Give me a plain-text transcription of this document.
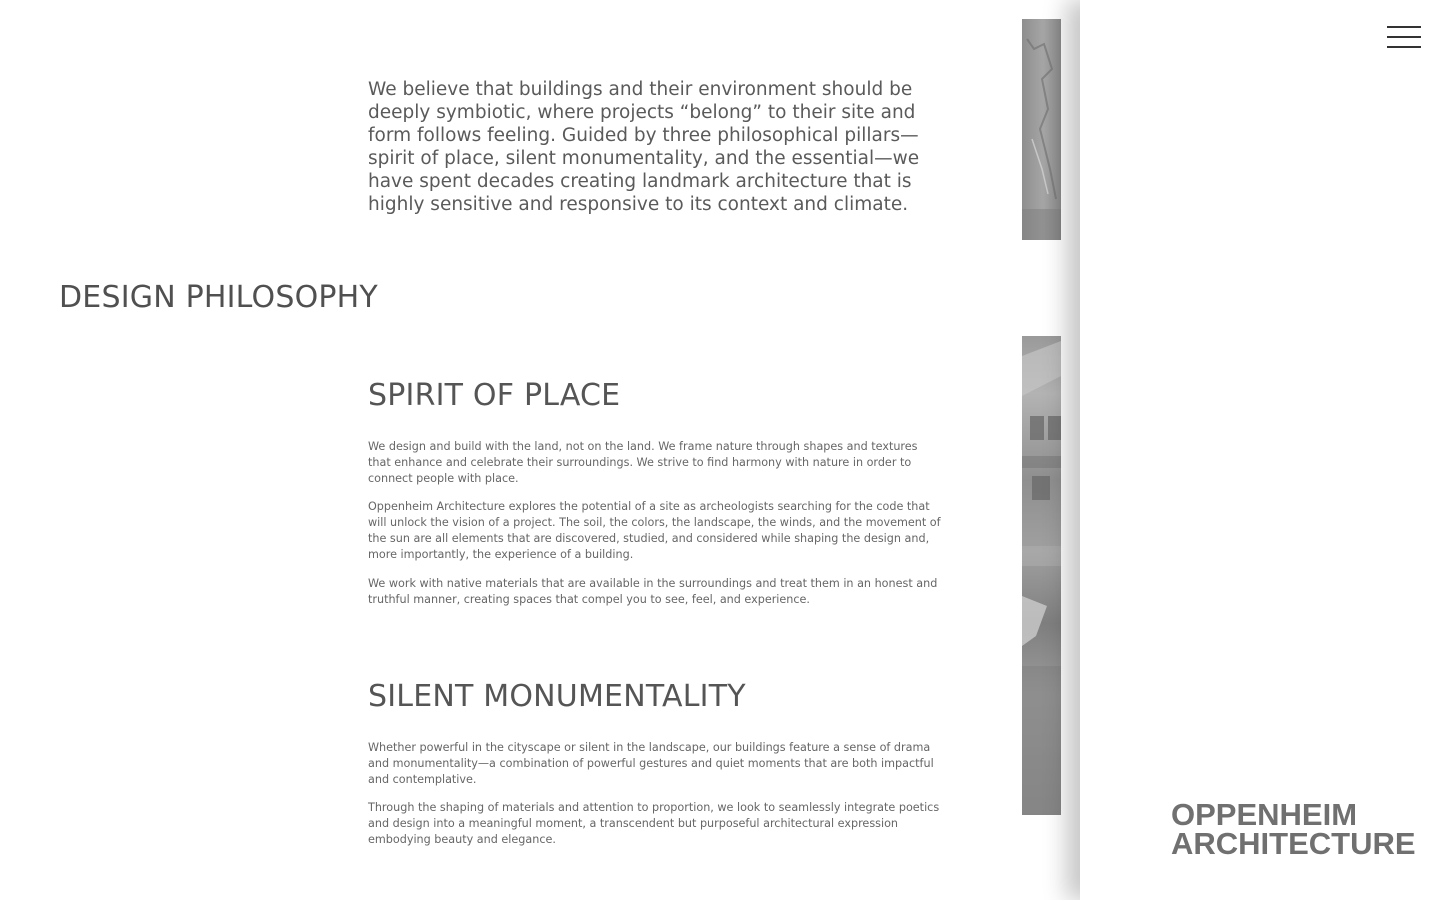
DESIGN PHILOSOPHY

We believe that buildings and their environment should be deeply symbiotic, where projects “belong” to their site and form follows feeling. Guided by three philosophical pillars—spirit of place, silent monumentality, and the essential—we have spent decades creating landmark architecture that is highly sensitive and responsive to its context and climate.

SPIRIT OF PLACE

We design and build with the land, not on the land. We frame nature through shapes and textures that enhance and celebrate their surroundings. We strive to find harmony with nature in order to connect people with place.

Oppenheim Architecture explores the potential of a site as archeologists searching for the code that will unlock the vision of a project. The soil, the colors, the landscape, the winds, and the movement of the sun are all elements that are discovered, studied, and considered while shaping the design and, more importantly, the experience of a building.

We work with native materials that are available in the surroundings and treat them in an honest and truthful manner, creating spaces that compel you to see, feel, and experience.

SILENT MONUMENTALITY

Whether powerful in the cityscape or silent in the landscape, our buildings feature a sense of drama and monumentality—a combination of powerful gestures and quiet moments that are both impactful and contemplative.

Through the shaping of materials and attention to proportion, we look to seamlessly integrate poetics and design into a meaningful moment, a transcendent but purposeful architectural expression embodying beauty and elegance.

OPPENHEIM
ARCHITECTURE
